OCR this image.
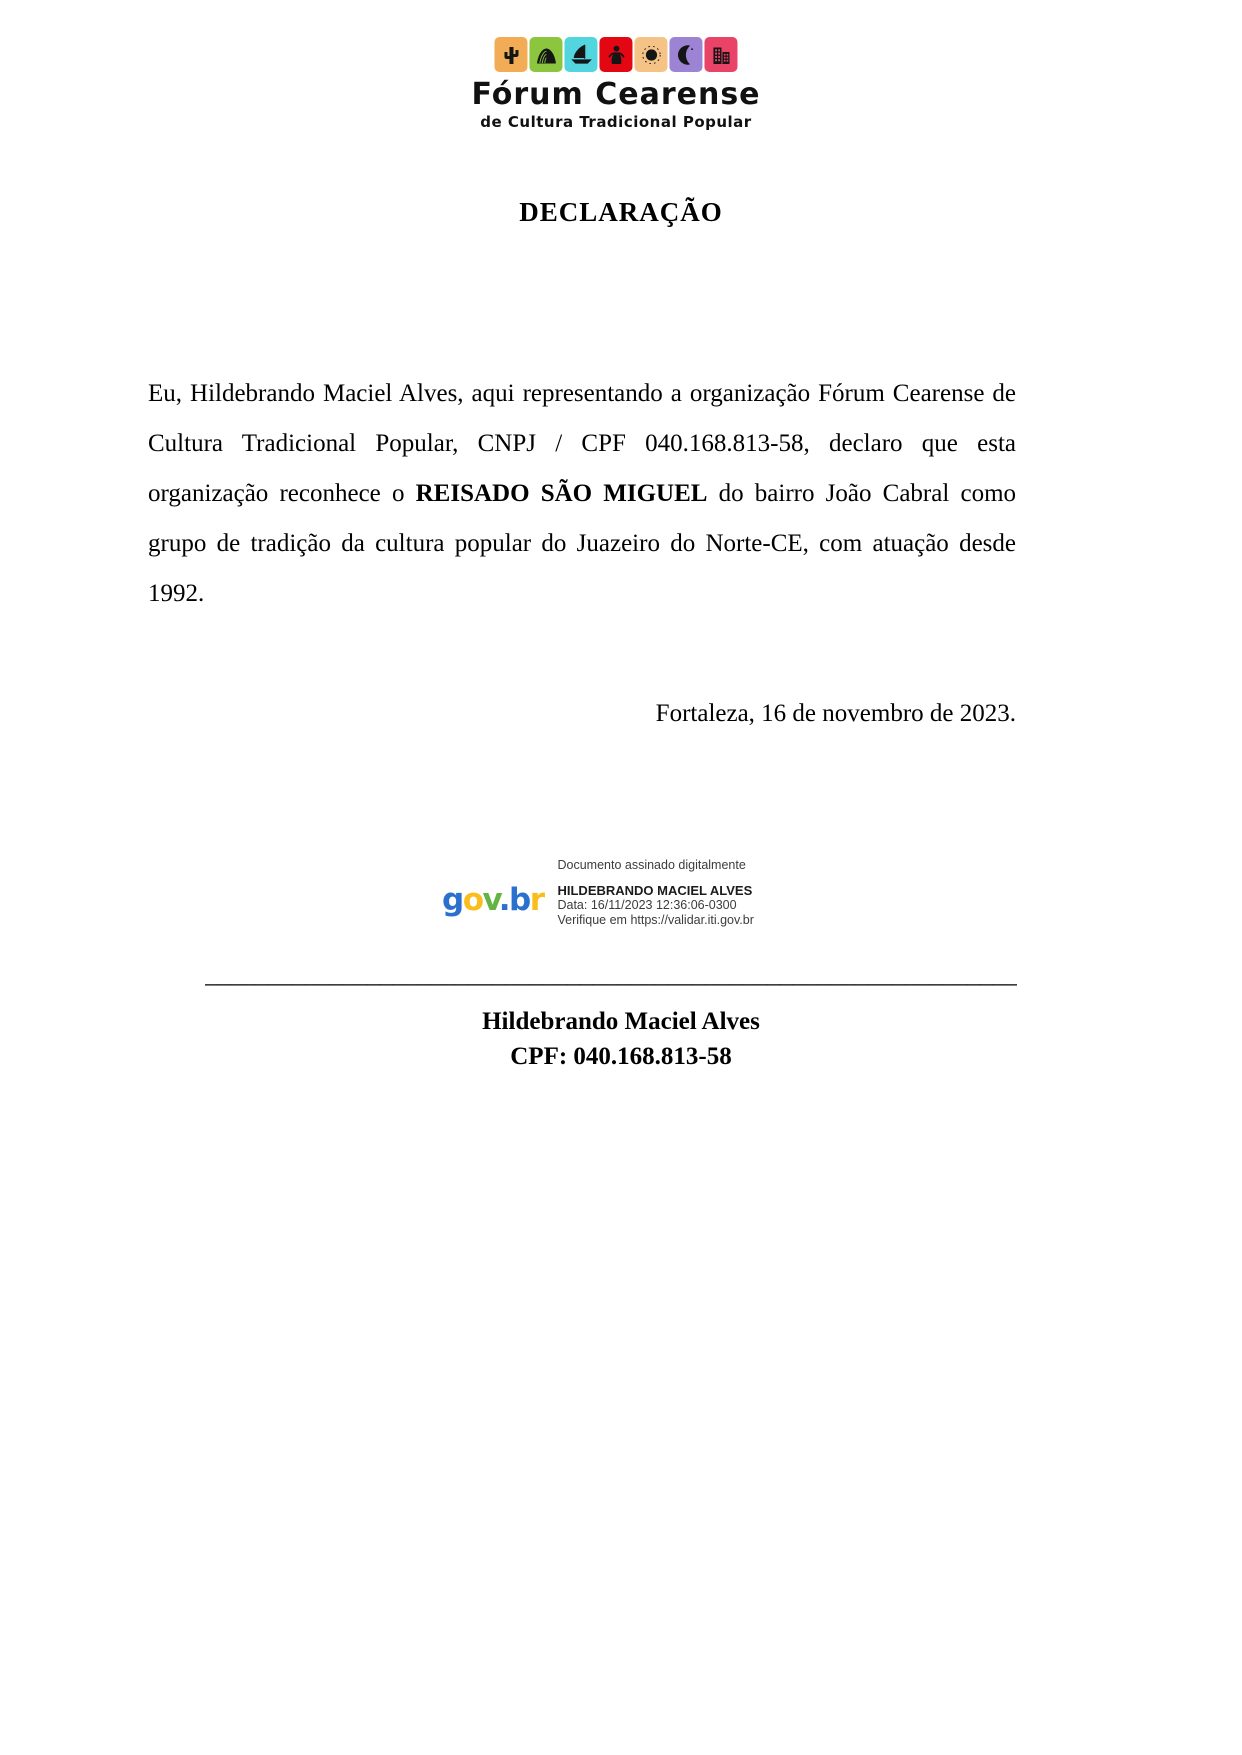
Fórum Cearense
de Cultura Tradicional Popular
DECLARAÇÃO

Eu, Hildebrando Maciel Alves, aqui representando a organização Fórum Cearense de Cultura Tradicional Popular, CNPJ / CPF 040.168.813-58, declaro que esta organização reconhece o REISADO SÃO MIGUEL do bairro João Cabral como grupo de tradição da cultura popular do Juazeiro do Norte-CE, com atuação desde 1992.

Fortaleza, 16 de novembro de 2023.
gov.br
Documento assinado digitalmente
HILDEBRANDO MACIEL ALVES
Data: 16/11/2023 12:36:06-0300
Verifique em https://validar.iti.gov.br
_________________________________________________________________
Hildebrando Maciel Alves
CPF: 040.168.813-58
